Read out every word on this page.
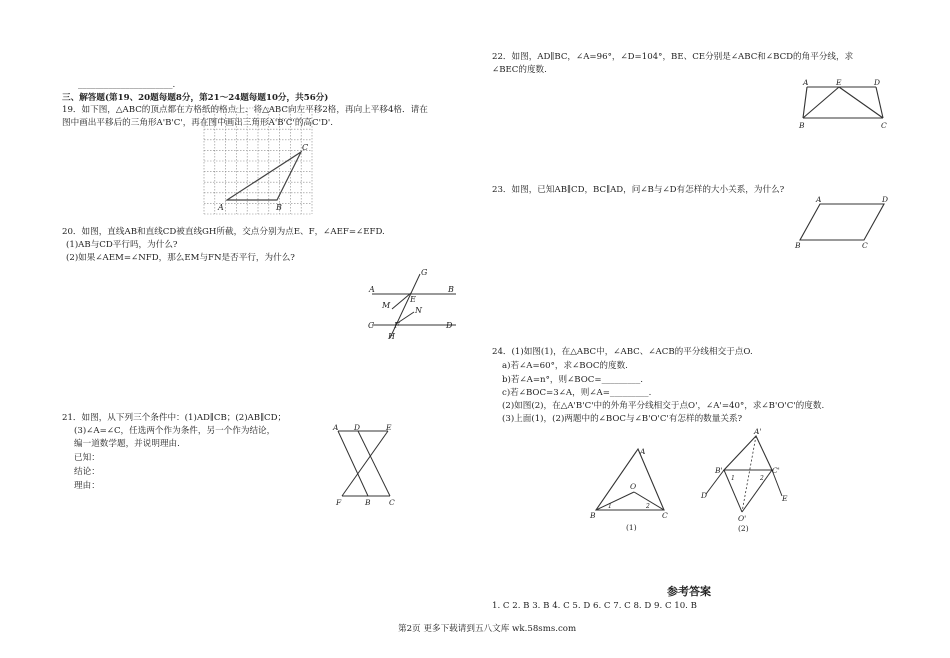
______________________.
三、解答题(第19、20题每题8分，第21～24题每题10分，共56分)
19．如下图，△ABC的顶点都在方格纸的格点上．将△ABC向左平移2格，再向上平移4格．请在
图中画出平移后的三角形A'B'C'，再在图中画出三角形A'B'C'的高C'D'.
A	B
C
20．如图，直线AB和直线CD被直线GH所截，交点分别为点E、F，∠AEF=∠EFD.
(1)AB与CD平行吗，为什么?
(2)如果∠AEM=∠NFD，那么EM与FN是否平行，为什么?
A	B
C	D
E
F
G
H
M
N
21．如图，从下列三个条件中：(1)AD∥CB；(2)AB∥CD；
(3)∠A=∠C，任选两个作为条件，另一个作为结论，
编一道数学题，并说明理由.
已知：
结论：
理由：
A D	E
F	B C
22．如图，AD∥BC，∠A=96°，∠D=104°，BE、CE分别是∠ABC和∠BCD的角平分线，求
∠BEC的度数.
A	E	D
B	C
23．如图，已知AB∥CD，BC∥AD，问∠B与∠D有怎样的大小关系，为什么?
A	D
B	C
24．(1)如图(1)，在△ABC中，∠ABC、∠ACB的平分线相交于点O.
a)若∠A=60°，求∠BOC的度数.
b)若∠A=n°，则∠BOC=_________.
c)若∠BOC=3∠A，则∠A=_________.
(2)如图(2)，在△A'B'C'中的外角平分线相交于点O'，∠A'=40°，求∠B'O'C'的度数.
(3)上面(1)，(2)两题中的∠BOC与∠B'O'C'有怎样的数量关系?
A
O
B	C
1	2
(1)
A'
B'	C'
D	E
O'
1	2
(2)
参考答案
1. C 2. B 3. B 4. C 5. D 6. C 7. C 8. D 9. C 10. B
第2页 更多下载请到五八文库 wk.58sms.com
